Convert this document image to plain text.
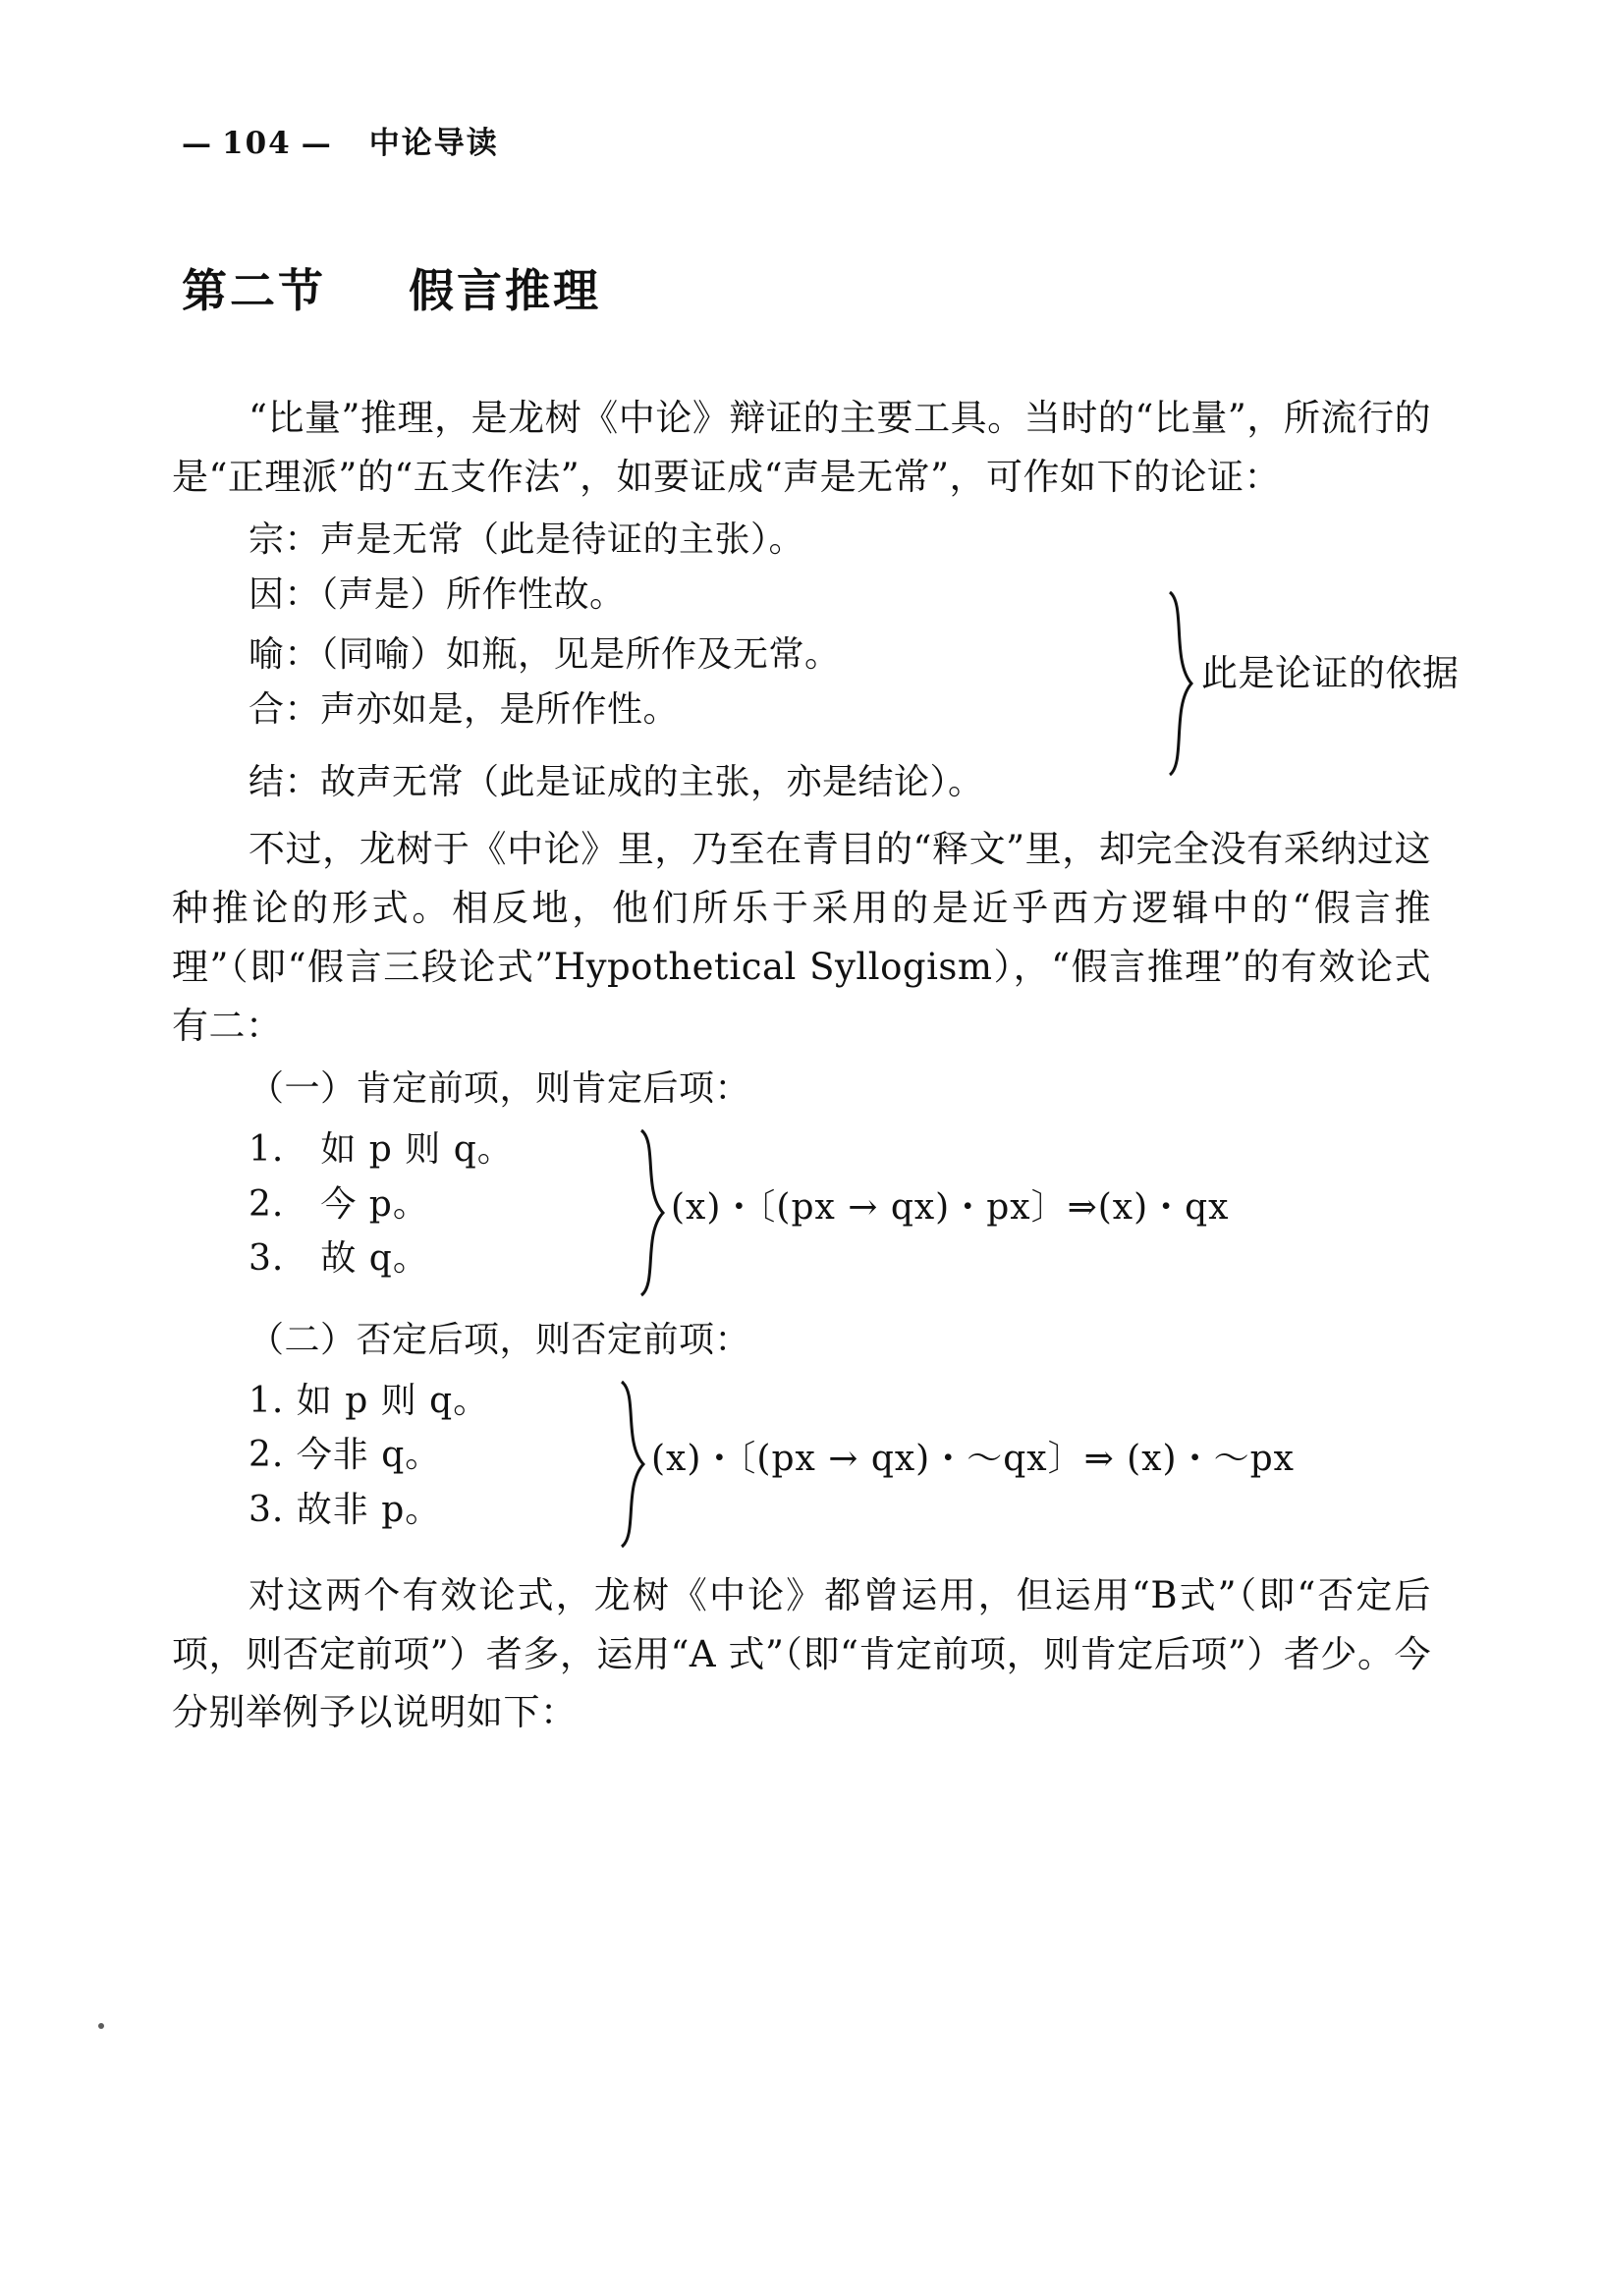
— 104 —	中论导读
第二节 假言推理

“比量”推理，是龙树《中论》辩证的主要工具。当时的“比量”，所流行的是“正理派”的“五支作法”，如要证成“声是无常”，可作如下的论证：

宗：声是无常（此是待证的主张）。
因：（声是）所作性故。
喻：（同喻）如瓶，见是所作及无常。
合：声亦如是，是所作性。
此是论证的依据
结：故声无常（此是证成的主张，亦是结论）。

不过，龙树于《中论》里，乃至在青目的“释文”里，却完全没有采纳过这种推论的形式。相反地，他们所乐于采用的是近乎西方逻辑中的“假言推理”（即“假言三段论式”Hypothetical Syllogism），“假言推理”的有效论式有二：

（一）肯定前项，则肯定后项：
1.　如 p 则 q。
2.　今 p。
3.　故 q。
(x)・〔(px → qx)・px〕⇒(x)・qx
（二）否定后项，则否定前项：
1. 如 p 则 q。
2. 今非 q。
3. 故非 p。
(x)・〔(px → qx)・～qx〕⇒ (x)・～px

对这两个有效论式，龙树《中论》都曾运用，但运用“B式”（即“否定后项，则否定前项”）者多，运用“A 式”（即“肯定前项，则肯定后项”）者少。今分别举例予以说明如下：
